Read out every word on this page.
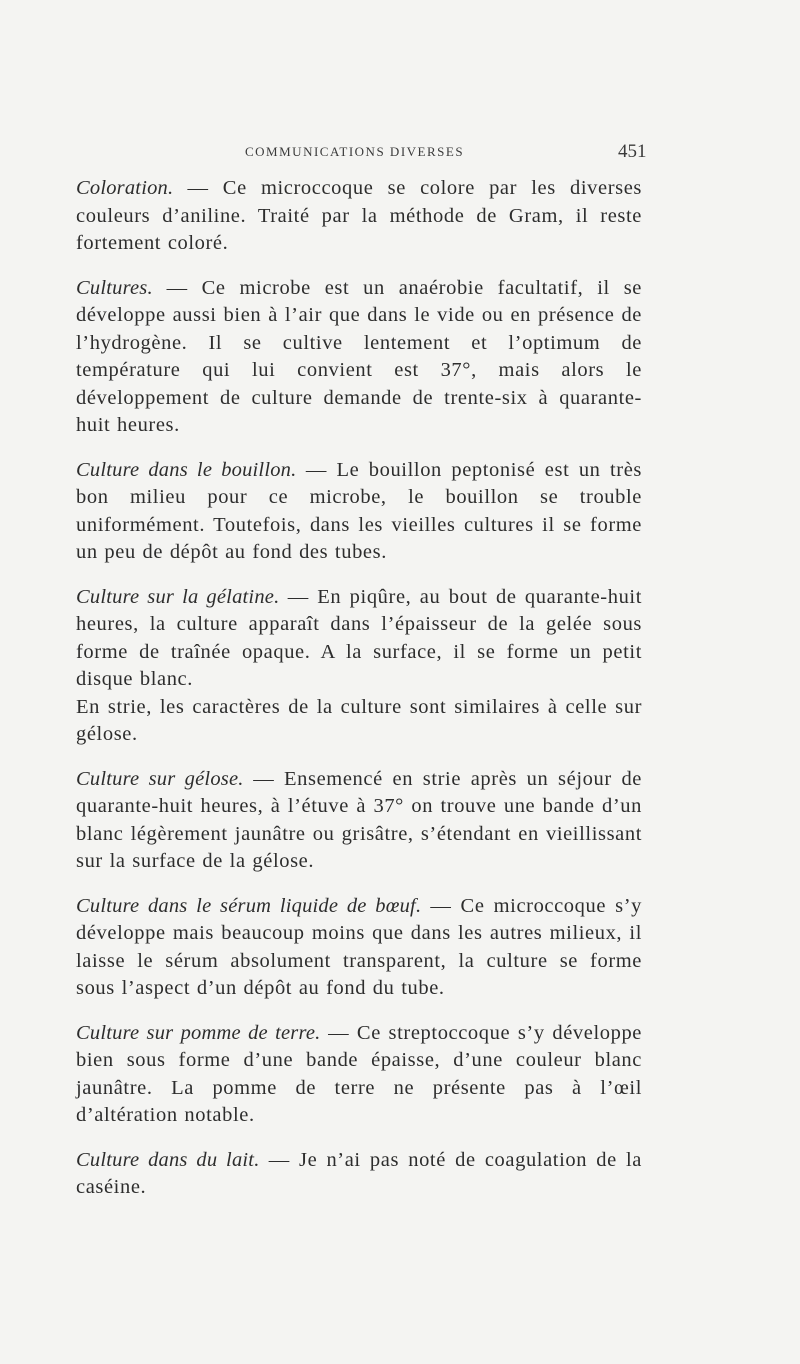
COMMUNICATIONS DIVERSES	451

Coloration. — Ce microccoque se colore par les diverses couleurs d’aniline. Traité par la méthode de Gram, il reste fortement coloré.

Cultures. — Ce microbe est un anaérobie facultatif, il se développe aussi bien à l’air que dans le vide ou en présence de l’hydrogène. Il se cultive lentement et l’optimum de température qui lui convient est 37°, mais alors le développement de culture demande de trente-six à quarante-huit heures.

Culture dans le bouillon. — Le bouillon peptonisé est un très bon milieu pour ce microbe, le bouillon se trouble uniformément. Toutefois, dans les vieilles cultures il se forme un peu de dépôt au fond des tubes.

Culture sur la gélatine. — En piqûre, au bout de quarante-huit heures, la culture apparaît dans l’épaisseur de la gelée sous forme de traînée opaque. A la surface, il se forme un petit disque blanc.

En strie, les caractères de la culture sont similaires à celle sur gélose.

Culture sur gélose. — Ensemencé en strie après un séjour de quarante-huit heures, à l’étuve à 37° on trouve une bande d’un blanc légèrement jaunâtre ou grisâtre, s’étendant en vieillissant sur la surface de la gélose.

Culture dans le sérum liquide de bœuf. — Ce microccoque s’y développe mais beaucoup moins que dans les autres milieux, il laisse le sérum absolument transparent, la culture se forme sous l’aspect d’un dépôt au fond du tube.

Culture sur pomme de terre. — Ce streptoccoque s’y développe bien sous forme d’une bande épaisse, d’une couleur blanc jaunâtre. La pomme de terre ne présente pas à l’œil d’altération notable.

Culture dans du lait. — Je n’ai pas noté de coagulation de la caséine.
